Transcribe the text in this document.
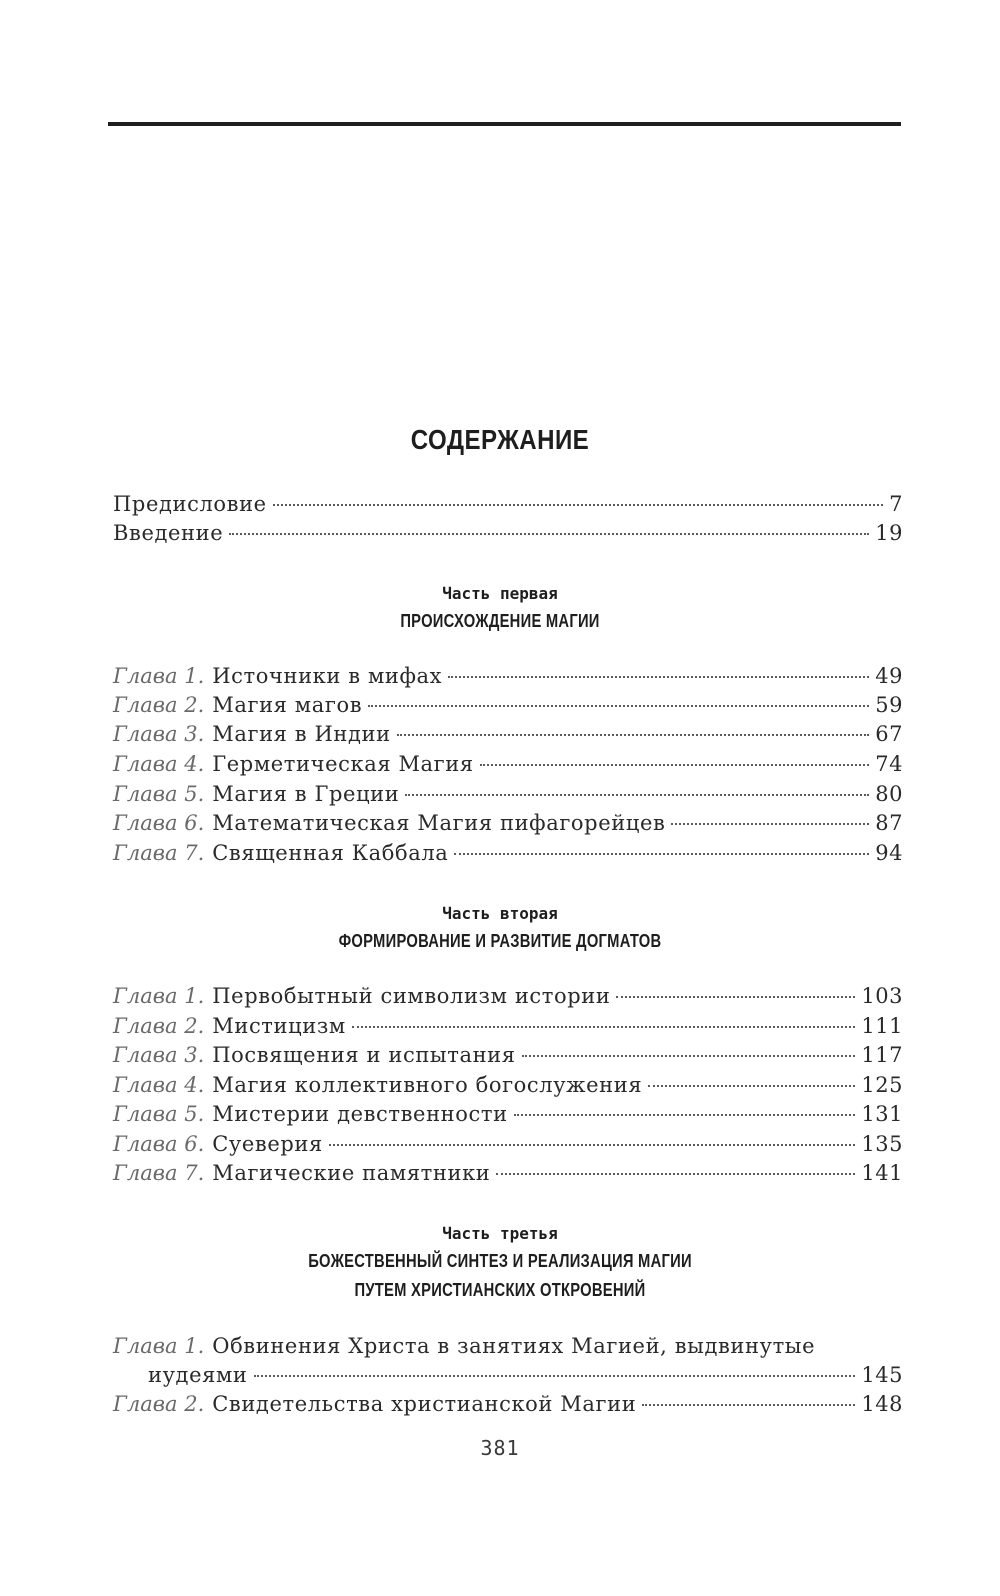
СОДЕРЖАНИЕ
Предисловие	7
Введение	19
Часть первая
ПРОИСХОЖДЕНИЕ МАГИИ
Глава 1. Источники в мифах	49
Глава 2. Магия магов	59
Глава 3. Магия в Индии	67
Глава 4. Герметическая Магия	74
Глава 5. Магия в Греции	80
Глава 6. Математическая Магия пифагорейцев	87
Глава 7. Священная Каббала	94
Часть вторая
ФОРМИРОВАНИЕ И РАЗВИТИЕ ДОГМАТОВ
Глава 1. Первобытный символизм истории	103
Глава 2. Мистицизм	111
Глава 3. Посвящения и испытания	117
Глава 4. Магия коллективного богослужения	125
Глава 5. Мистерии девственности	131
Глава 6. Суеверия	135
Глава 7. Магические памятники	141
Часть третья
БОЖЕСТВЕННЫЙ СИНТЕЗ И РЕАЛИЗАЦИЯ МАГИИ
ПУТЕМ ХРИСТИАНСКИХ ОТКРОВЕНИЙ
Глава 1. Обвинения Христа в занятиях Магией, выдвинутые
иудеями	145
Глава 2. Свидетельства христианской Магии	148
381
